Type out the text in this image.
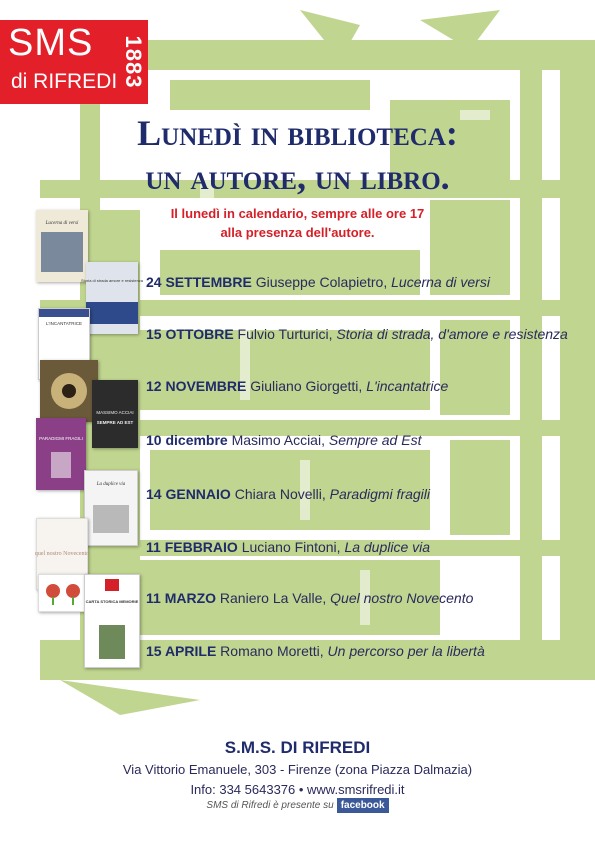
SMS
di RIFREDI 1883
Lunedì in biblioteca:
un autore, un libro.
Il lunedì in calendario, sempre alle ore 17
alla presenza dell'autore.
Lucerna di versi
Storia di strada amore e resistenza
L'INCANTATRICE
MASSIMO ACCIAI
SEMPRE AD EST
PARADIGMI FRAGILI
La duplice via
quel nostro Novecento
CARTA STORICA MEMORIE
24 SETTEMBRE Giuseppe Colapietro, Lucerna di versi
15 OTTOBRE Fulvio Turturici, Storia di strada, d'amore e resistenza
12 NOVEMBRE Giuliano Giorgetti, L'incantatrice
10 dicembre Masimo Acciai, Sempre ad Est
14 GENNAIO Chiara Novelli, Paradigmi fragili
11 FEBBRAIO Luciano Fintoni, La duplice via
11 MARZO Raniero La Valle, Quel nostro Novecento
15 APRILE Romano Moretti, Un percorso per la libertà
S.M.S. DI RIFREDI
Via Vittorio Emanuele, 303 - Firenze (zona Piazza Dalmazia)
Info: 334 5643376 • www.smsrifredi.it
SMS di Rifredi è presente su facebook
